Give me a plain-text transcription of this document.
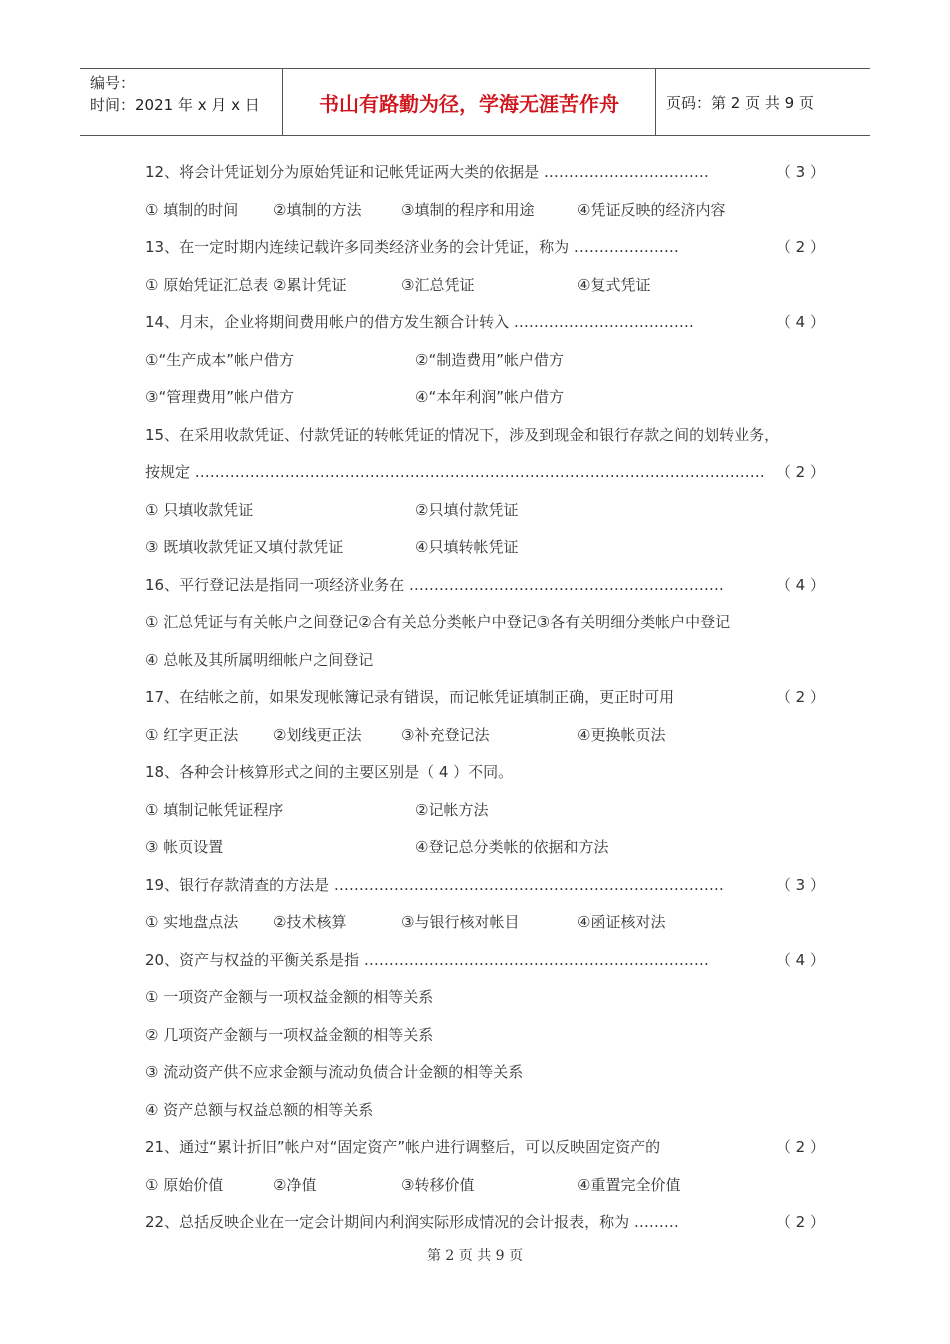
编号：
时间：2021 年 x 月 x 日	书山有路勤为径，学海无涯苦作舟	页码：第 2 页 共 9 页
12、将会计凭证划分为原始凭证和记帐凭证两大类的依据是 ……………………………	（ 3 ）
① 填制的时间 ②填制的方法	③填制的程序和用途	④凭证反映的经济内容
13、在一定时期内连续记载许多同类经济业务的会计凭证，称为 …………………	（ 2 ）
① 原始凭证汇总表 ②累计凭证	③汇总凭证	④复式凭证
14、月末，企业将期间费用帐户的借方发生额合计转入 ………………………………	（ 4 ）
①“生产成本”帐户借方	②“制造费用”帐户借方
③“管理费用”帐户借方	④“本年利润”帐户借方
15、在采用收款凭证、付款凭证的转帐凭证的情况下，涉及到现金和银行存款之间的划转业务，
按规定 …………………………………………………………………………………………………… （ 2 ）
① 只填收款凭证	②只填付款凭证
③ 既填收款凭证又填付款凭证	④只填转帐凭证
16、平行登记法是指同一项经济业务在 ………………………………………………………	（ 4 ）
① 汇总凭证与有关帐户之间登记②合有关总分类帐户中登记③各有关明细分类帐户中登记
④ 总帐及其所属明细帐户之间登记
17、在结帐之前，如果发现帐簿记录有错误，而记帐凭证填制正确，更正时可用	（ 2 ）
① 红字更正法 ②划线更正法	③补充登记法	④更换帐页法
18、各种会计核算形式之间的主要区别是（ 4 ）不同。
① 填制记帐凭证程序	②记帐方法
③ 帐页设置	④登记总分类帐的依据和方法
19、银行存款清查的方法是 ……………………………………………………………………	（ 3 ）
① 实地盘点法 ②技术核算	③与银行核对帐目	④函证核对法
20、资产与权益的平衡关系是指 ……………………………………………………………	（ 4 ）
① 一项资产金额与一项权益金额的相等关系
② 几项资产金额与一项权益金额的相等关系
③ 流动资产供不应求金额与流动负债合计金额的相等关系
④ 资产总额与权益总额的相等关系
21、通过“累计折旧”帐户对“固定资产”帐户进行调整后，可以反映固定资产的	（ 2 ）
① 原始价值	②净值	③转移价值	④重置完全价值
22、总括反映企业在一定会计期间内利润实际形成情况的会计报表，称为 ………	（ 2 ）
第 2 页 共 9 页
